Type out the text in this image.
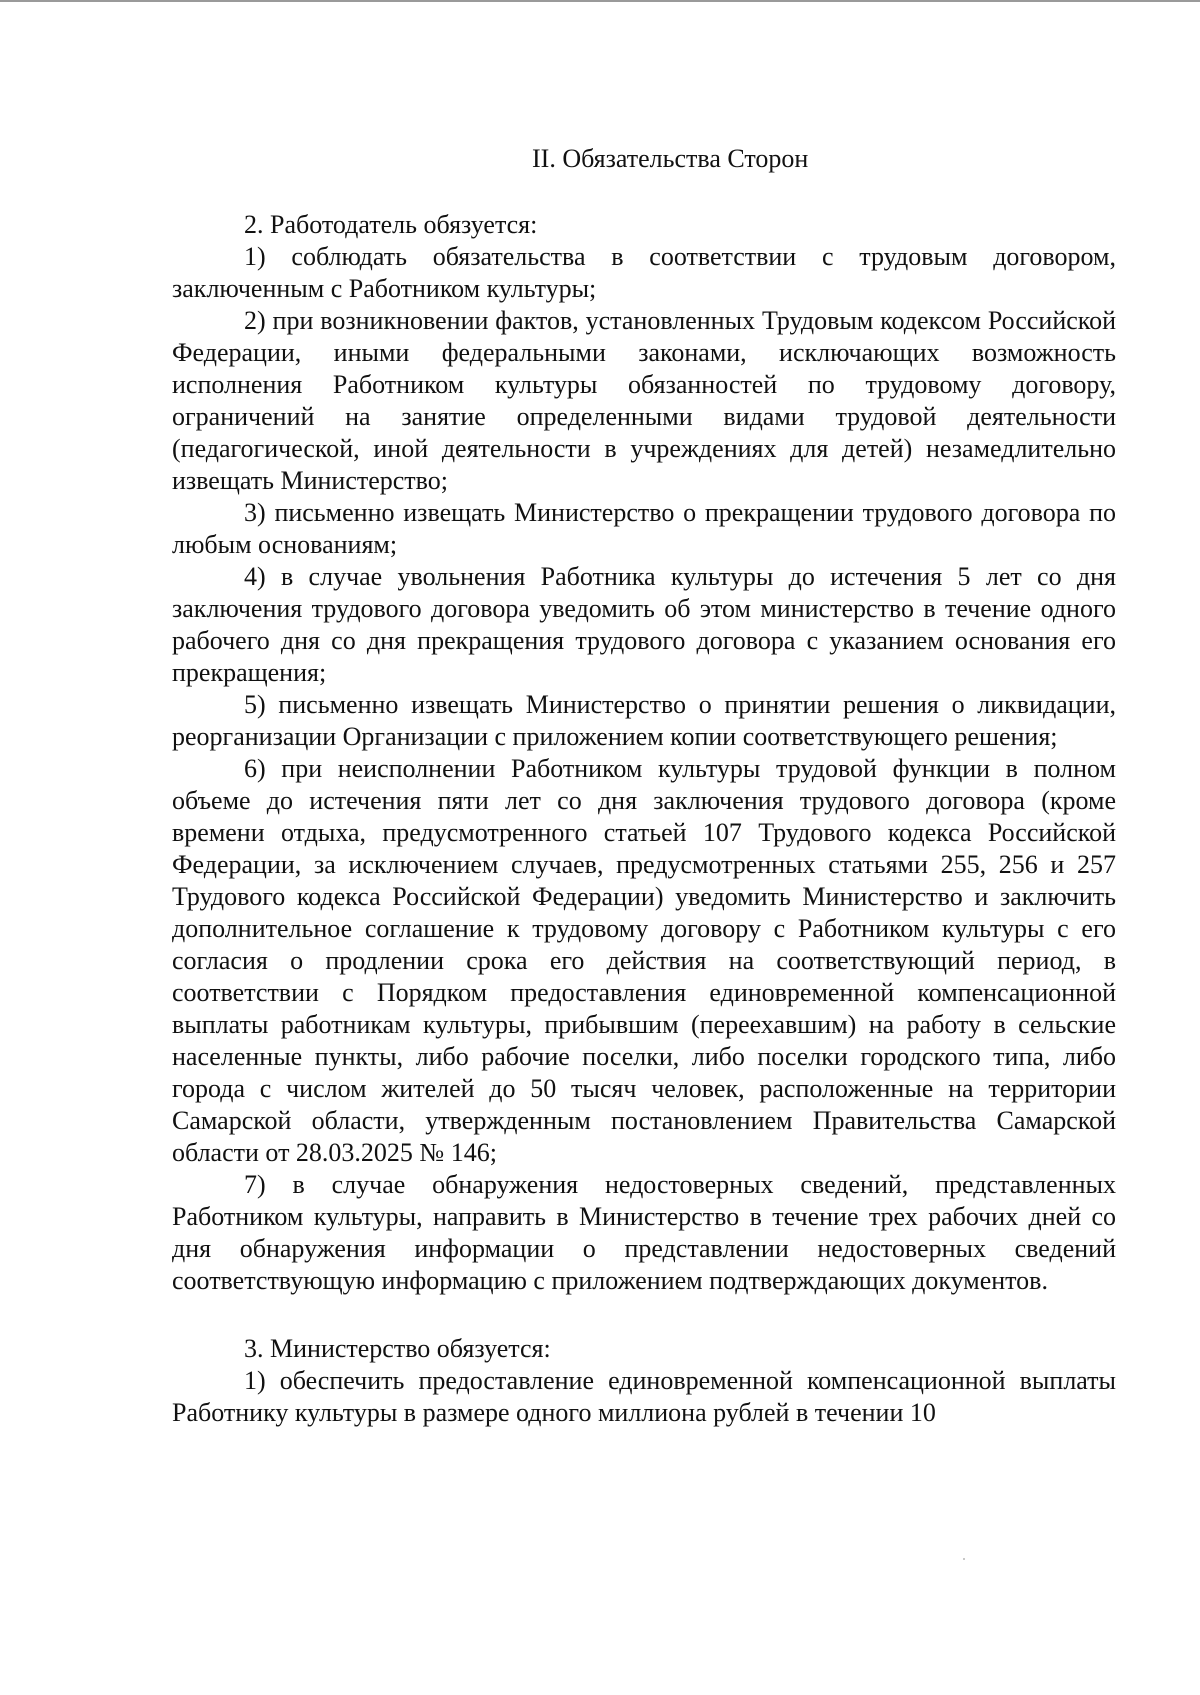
II. Обязательства Сторон

2. Работодатель обязуется:

1) соблюдать обязательства в соответствии с трудовым договором, заключенным с Работником культуры;

2) при возникновении фактов, установленных Трудовым кодексом Российской Федерации, иными федеральными законами, исключающих возможность исполнения Работником культуры обязанностей по трудовому договору, ограничений на занятие определенными видами трудовой деятельности (педагогической, иной деятельности в учреждениях для детей) незамедлительно извещать Министерство;

3) письменно извещать Министерство о прекращении трудового договора по любым основаниям;

4) в случае увольнения Работника культуры до истечения 5 лет со дня заключения трудового договора уведомить об этом министерство в течение одного рабочего дня со дня прекращения трудового договора с указанием основания его прекращения;

5) письменно извещать Министерство о принятии решения о ликвидации, реорганизации Организации с приложением копии соответствующего решения;

6) при неисполнении Работником культуры трудовой функции в полном объеме до истечения пяти лет со дня заключения трудового договора (кроме времени отдыха, предусмотренного статьей 107 Трудового кодекса Российской Федерации, за исключением случаев, предусмотренных статьями 255, 256 и 257 Трудового кодекса Российской Федерации) уведомить Министерство и заключить дополнительное соглашение к трудовому договору с Работником культуры с его согласия о продлении срока его действия на соответствующий период, в соответствии с Порядком предоставления единовременной компенсационной выплаты работникам культуры, прибывшим (переехавшим) на работу в сельские населенные пункты, либо рабочие поселки, либо поселки городского типа, либо города с числом жителей до 50 тысяч человек, расположенные на территории Самарской области, утвержденным постановлением Правительства Самарской области от 28.03.2025 № 146;

7) в случае обнаружения недостоверных сведений, представленных Работником культуры, направить в Министерство в течение трех рабочих дней со дня обнаружения информации о представлении недостоверных сведений соответствующую информацию с приложением подтверждающих документов.

3. Министерство обязуется:

1) обеспечить предоставление единовременной компенсационной выплаты Работнику культуры в размере одного миллиона рублей в течении 10
